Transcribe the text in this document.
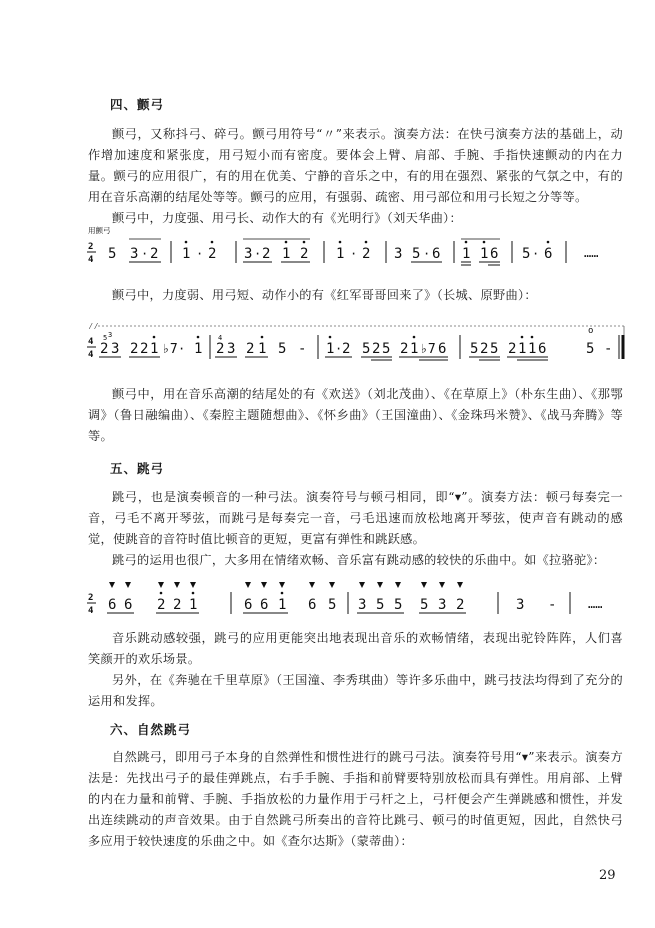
四、颤弓

颤弓，又称抖弓、碎弓。颤弓用符号“〃”来表示。演奏方法：在快弓演奏方法的基础上，动作增加速度和紧张度，用弓短小而有密度。要体会上臂、肩部、手腕、手指快速颤动的内在力量。颤弓的应用很广，有的用在优美、宁静的音乐之中，有的用在强烈、紧张的气氛之中，有的用在音乐高潮的结尾处等等。颤弓的应用，有强弱、疏密、用弓部位和用弓长短之分等等。

颤弓中，力度强、用弓长、动作大的有《光明行》（刘天华曲）：

用颤弓
2
4 5 3 · 2 1 · 2 3 · 2 1 2 1 · 2 3 5 · 6 1 1 6 5 · 6	……

颤弓中，力度弱、用弓短、动作小的有《红军哥哥回来了》（长城、原野曲）：

⁄⁄
4
4
5 3
2 3 2 2 1 ♭7 · 1
4
2 3 2 1 5 - 1 · 2 5 2 5 2 1 ♭7 6 5 2 5 2 1 1 6
o
5 -

颤弓中，用在音乐高潮的结尾处的有《欢送》（刘北茂曲）、《在草原上》（朴东生曲）、《那鄂调》（鲁日融编曲）、《秦腔主题随想曲》、《怀乡曲》（王国潼曲）、《金珠玛米赞》、《战马奔腾》等等。

五、跳弓

跳弓，也是演奏顿音的一种弓法。演奏符号与顿弓相同，即“▾”。演奏方法：顿弓每奏完一音，弓毛不离开琴弦，而跳弓是每奏完一音，弓毛迅速而放松地离开琴弦，使声音有跳动的感觉，使跳音的音符时值比顿音的更短，更富有弹性和跳跃感。

跳弓的运用也很广，大多用在情绪欢畅、音乐富有跳动感的较快的乐曲中。如《拉骆驼》：

2
4 6 6 2 2 1	6 6 1 6 5 3 5 5 5 3 2	3 -	……

音乐跳动感较强，跳弓的应用更能突出地表现出音乐的欢畅情绪，表现出驼铃阵阵，人们喜笑颜开的欢乐场景。

另外，在《奔驰在千里草原》（王国潼、李秀琪曲）等许多乐曲中，跳弓技法均得到了充分的运用和发挥。

六、自然跳弓

自然跳弓，即用弓子本身的自然弹性和惯性进行的跳弓弓法。演奏符号用“▾”来表示。演奏方法是：先找出弓子的最佳弹跳点，右手手腕、手指和前臂要特别放松而具有弹性。用肩部、上臂的内在力量和前臂、手腕、手指放松的力量作用于弓杆之上，弓杆便会产生弹跳感和惯性，并发出连续跳动的声音效果。由于自然跳弓所奏出的音符比跳弓、顿弓的时值更短，因此，自然快弓多应用于较快速度的乐曲之中。如《查尔达斯》（蒙蒂曲）：

29
